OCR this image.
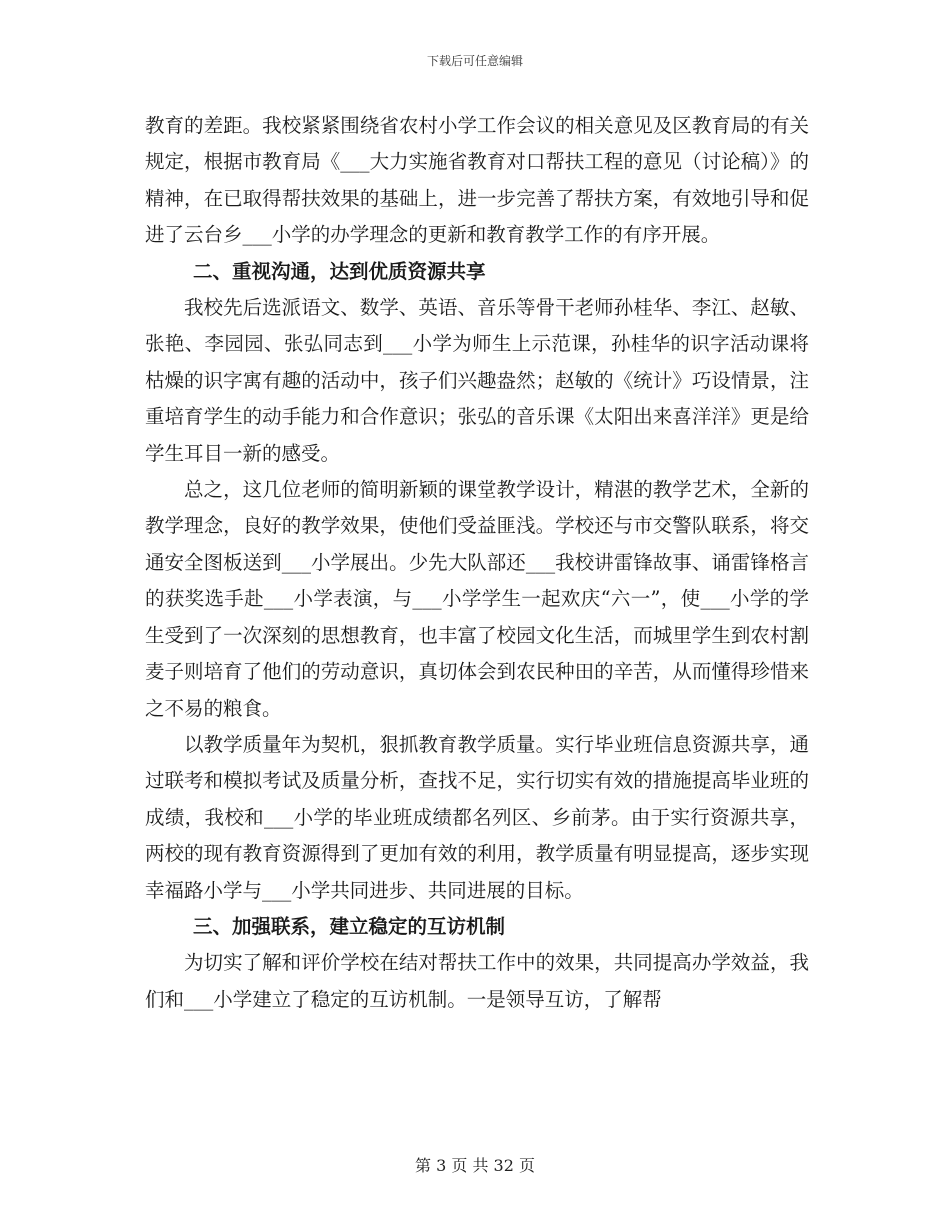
下载后可任意编辑

教育的差距。我校紧紧围绕省农村小学工作会议的相关意见及区教育局的有关规定，根据市教育局《___大力实施省教育对口帮扶工程的意见（讨论稿）》的精神，在已取得帮扶效果的基础上，进一步完善了帮扶方案，有效地引导和促进了云台乡___小学的办学理念的更新和教育教学工作的有序开展。

二、重视沟通，达到优质资源共享

我校先后选派语文、数学、英语、音乐等骨干老师孙桂华、李江、赵敏、张艳、李园园、张弘同志到___小学为师生上示范课，孙桂华的识字活动课将枯燥的识字寓有趣的活动中，孩子们兴趣盎然；赵敏的《统计》巧设情景，注重培育学生的动手能力和合作意识；张弘的音乐课《太阳出来喜洋洋》更是给学生耳目一新的感受。

总之，这几位老师的简明新颖的课堂教学设计，精湛的教学艺术，全新的教学理念，良好的教学效果，使他们受益匪浅。学校还与市交警队联系，将交通安全图板送到___小学展出。少先大队部还___我校讲雷锋故事、诵雷锋格言的获奖选手赴___小学表演，与___小学学生一起欢庆“六一”，使___小学的学生受到了一次深刻的思想教育，也丰富了校园文化生活，而城里学生到农村割麦子则培育了他们的劳动意识，真切体会到农民种田的辛苦，从而懂得珍惜来之不易的粮食。

以教学质量年为契机，狠抓教育教学质量。实行毕业班信息资源共享，通过联考和模拟考试及质量分析，查找不足，实行切实有效的措施提高毕业班的成绩，我校和___小学的毕业班成绩都名列区、乡前茅。由于实行资源共享，两校的现有教育资源得到了更加有效的利用，教学质量有明显提高，逐步实现幸福路小学与___小学共同进步、共同进展的目标。

三、加强联系，建立稳定的互访机制

为切实了解和评价学校在结对帮扶工作中的效果，共同提高办学效益，我们和___小学建立了稳定的互访机制。一是领导互访，了解帮

第 3 页 共 32 页
